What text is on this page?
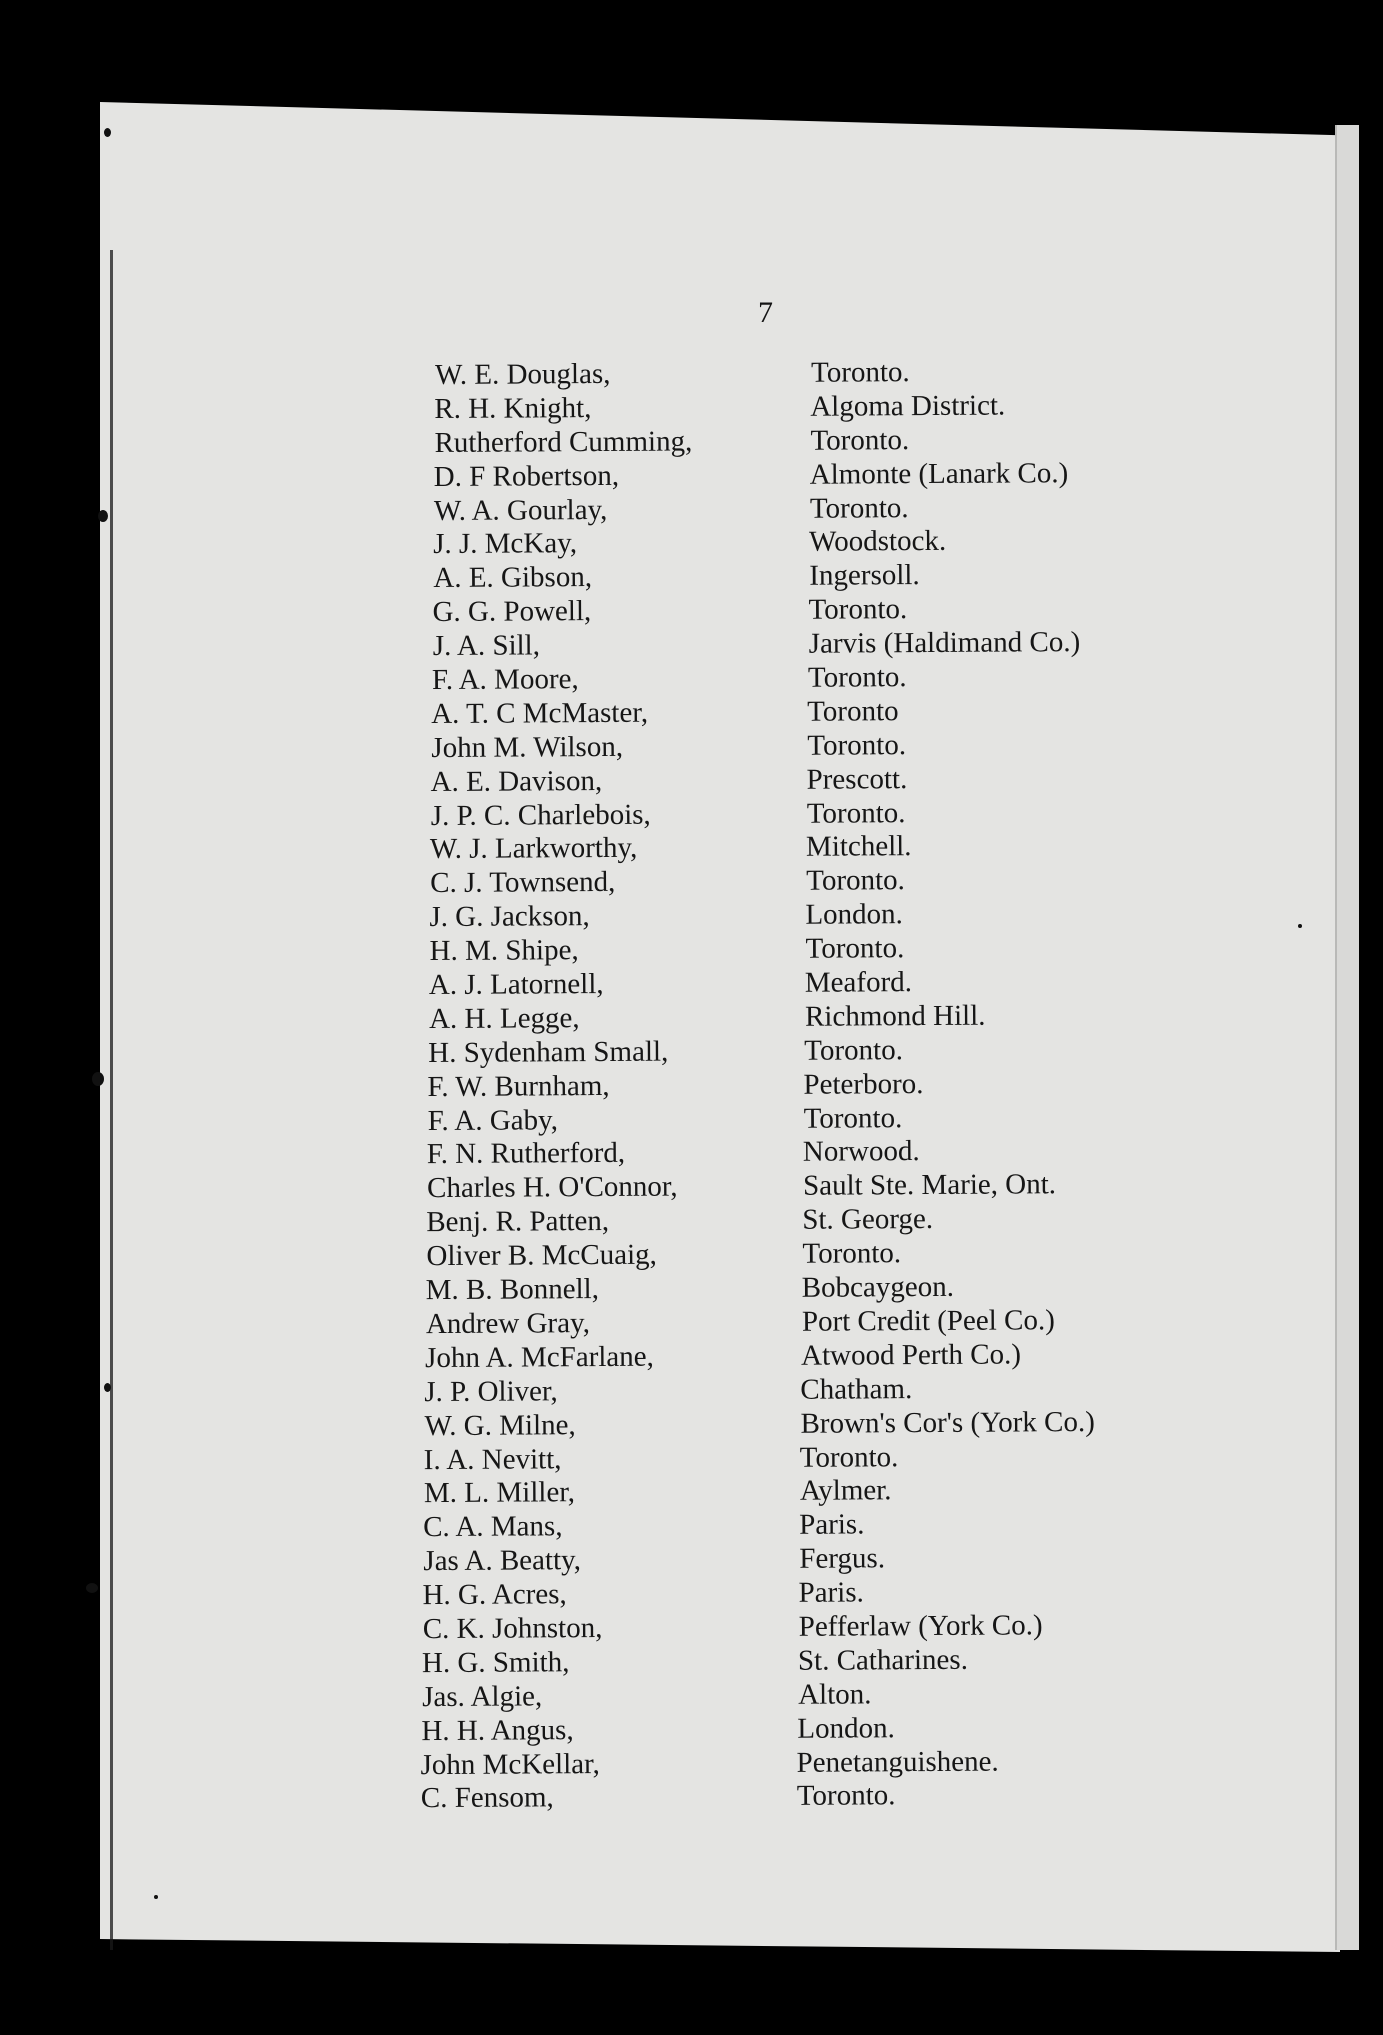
7
W. E. Douglas,	Toronto.
R. H. Knight,	Algoma District.
Rutherford Cumming,	Toronto.
D. F Robertson,	Almonte (Lanark Co.)
W. A. Gourlay,	Toronto.
J. J. McKay,	Woodstock.
A. E. Gibson,	Ingersoll.
G. G. Powell,	Toronto.
J. A. Sill,	Jarvis (Haldimand Co.)
F. A. Moore,	Toronto.
A. T. C McMaster,	Toronto
John M. Wilson,	Toronto.
A. E. Davison,	Prescott.
J. P. C. Charlebois,	Toronto.
W. J. Larkworthy,	Mitchell.
C. J. Townsend,	Toronto.
J. G. Jackson,	London.
H. M. Shipe,	Toronto.
A. J. Latornell,	Meaford.
A. H. Legge,	Richmond Hill.
H. Sydenham Small,	Toronto.
F. W. Burnham,	Peterboro.
F. A. Gaby,	Toronto.
F. N. Rutherford,	Norwood.
Charles H. O'Connor,	Sault Ste. Marie, Ont.
Benj. R. Patten,	St. George.
Oliver B. McCuaig,	Toronto.
M. B. Bonnell,	Bobcaygeon.
Andrew Gray,	Port Credit (Peel Co.)
John A. McFarlane,	Atwood Perth Co.)
J. P. Oliver,	Chatham.
W. G. Milne,	Brown's Cor's (York Co.)
I. A. Nevitt,	Toronto.
M. L. Miller,	Aylmer.
C. A. Mans,	Paris.
Jas A. Beatty,	Fergus.
H. G. Acres,	Paris.
C. K. Johnston,	Pefferlaw (York Co.)
H. G. Smith,	St. Catharines.
Jas. Algie,	Alton.
H. H. Angus,	London.
John McKellar,	Penetanguishene.
C. Fensom,	Toronto.
